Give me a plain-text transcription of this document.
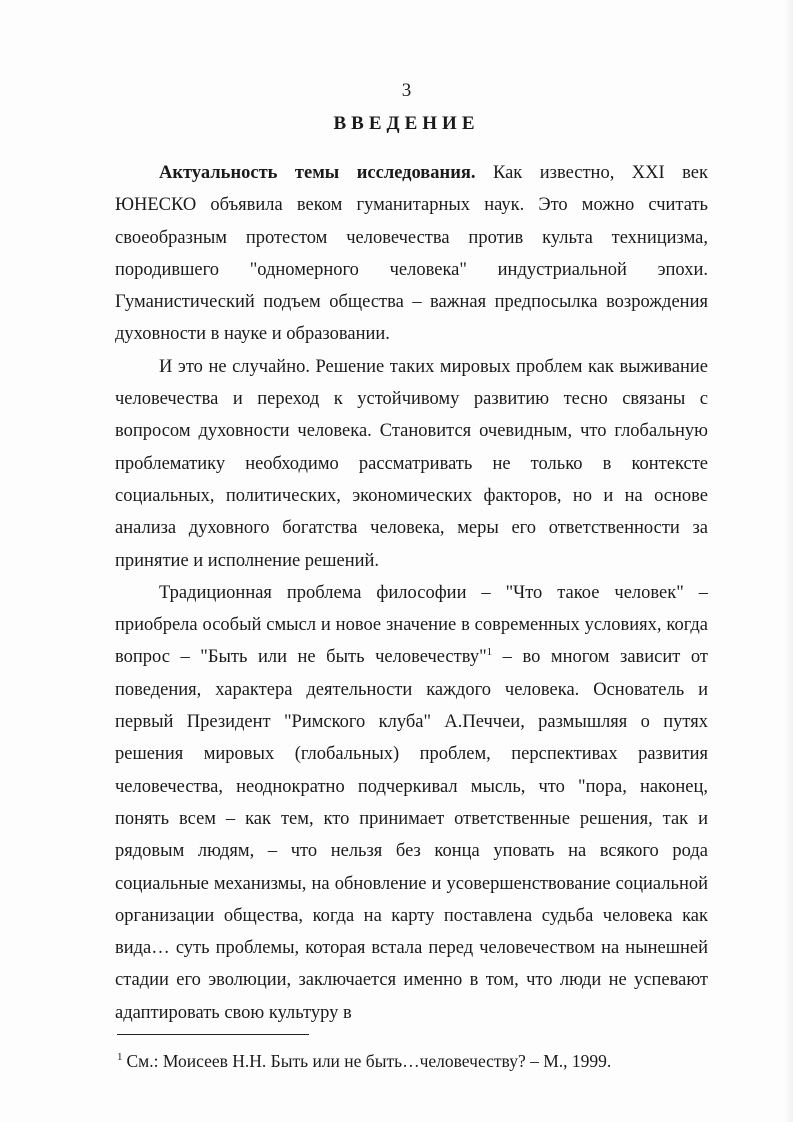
3
ВВЕДЕНИЕ

Актуальность темы исследования. Как известно, XXI век ЮНЕСКО объявила веком гуманитарных наук. Это можно считать своеобразным протестом человечества против культа техницизма, породившего "одномерного человека" индустриальной эпохи. Гуманистический подъем общества – важная предпосылка возрождения духовности в науке и образовании.

И это не случайно. Решение таких мировых проблем как выживание человечества и переход к устойчивому развитию тесно связаны с вопросом духовности человека. Становится очевидным, что глобальную проблематику необходимо рассматривать не только в контексте социальных, политических, экономических факторов, но и на основе анализа духовного богатства человека, меры его ответственности за принятие и исполнение решений.

Традиционная проблема философии – "Что такое человек" – приобрела особый смысл и новое значение в современных условиях, когда вопрос – "Быть или не быть человечеству"$^1$ – во многом зависит от поведения, характера деятельности каждого человека. Основатель и первый Президент "Римского клуба" А.Печчеи, размышляя о путях решения мировых (глобальных) проблем, перспективах развития человечества, неоднократно подчеркивал мысль, что "пора, наконец, понять всем – как тем, кто принимает ответственные решения, так и рядовым людям, – что нельзя без конца уповать на всякого рода социальные механизмы, на обновление и усовершенствование социальной организации общества, когда на карту поставлена судьба человека как вида… суть проблемы, которая встала перед человечеством на нынешней стадии его эволюции, заключается именно в том, что люди не успевают адаптировать свою культуру в

$^1$ См.: Моисеев Н.Н. Быть или не быть…человечеству? – М., 1999.
